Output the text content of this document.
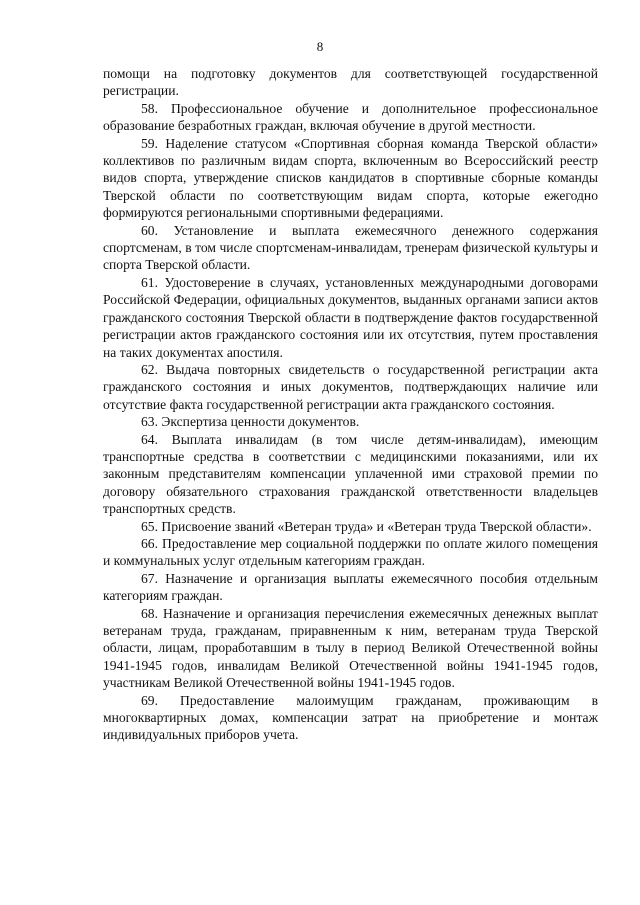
8

помощи на подготовку документов для соответствующей государственной регистрации.

58. Профессиональное обучение и дополнительное профессиональное образование безработных граждан, включая обучение в другой местности.

59. Наделение статусом «Спортивная сборная команда Тверской области» коллективов по различным видам спорта, включенным во Всероссийский реестр видов спорта, утверждение списков кандидатов в спортивные сборные команды Тверской области по соответствующим видам спорта, которые ежегодно формируются региональными спортивными федерациями.

60. Установление и выплата ежемесячного денежного содержания спортсменам, в том числе спортсменам-инвалидам, тренерам физической культуры и спорта Тверской области.

61. Удостоверение в случаях, установленных международными договорами Российской Федерации, официальных документов, выданных органами записи актов гражданского состояния Тверской области в подтверждение фактов государственной регистрации актов гражданского состояния или их отсутствия, путем проставления на таких документах апостиля.

62. Выдача повторных свидетельств о государственной регистрации акта гражданского состояния и иных документов, подтверждающих наличие или отсутствие факта государственной регистрации акта гражданского состояния.

63. Экспертиза ценности документов.

64. Выплата инвалидам (в том числе детям-инвалидам), имеющим транспортные средства в соответствии с медицинскими показаниями, или их законным представителям компенсации уплаченной ими страховой премии по договору обязательного страхования гражданской ответственности владельцев транспортных средств.

65. Присвоение званий «Ветеран труда» и «Ветеран труда Тверской области».

66. Предоставление мер социальной поддержки по оплате жилого помещения и коммунальных услуг отдельным категориям граждан.

67. Назначение и организация выплаты ежемесячного пособия отдельным категориям граждан.

68. Назначение и организация перечисления ежемесячных денежных выплат ветеранам труда, гражданам, приравненным к ним, ветеранам труда Тверской области, лицам, проработавшим в тылу в период Великой Отечественной войны 1941-1945 годов, инвалидам Великой Отечественной войны 1941-1945 годов, участникам Великой Отечественной войны 1941-1945 годов.

69. Предоставление малоимущим гражданам, проживающим в многоквартирных домах, компенсации затрат на приобретение и монтаж индивидуальных приборов учета.
